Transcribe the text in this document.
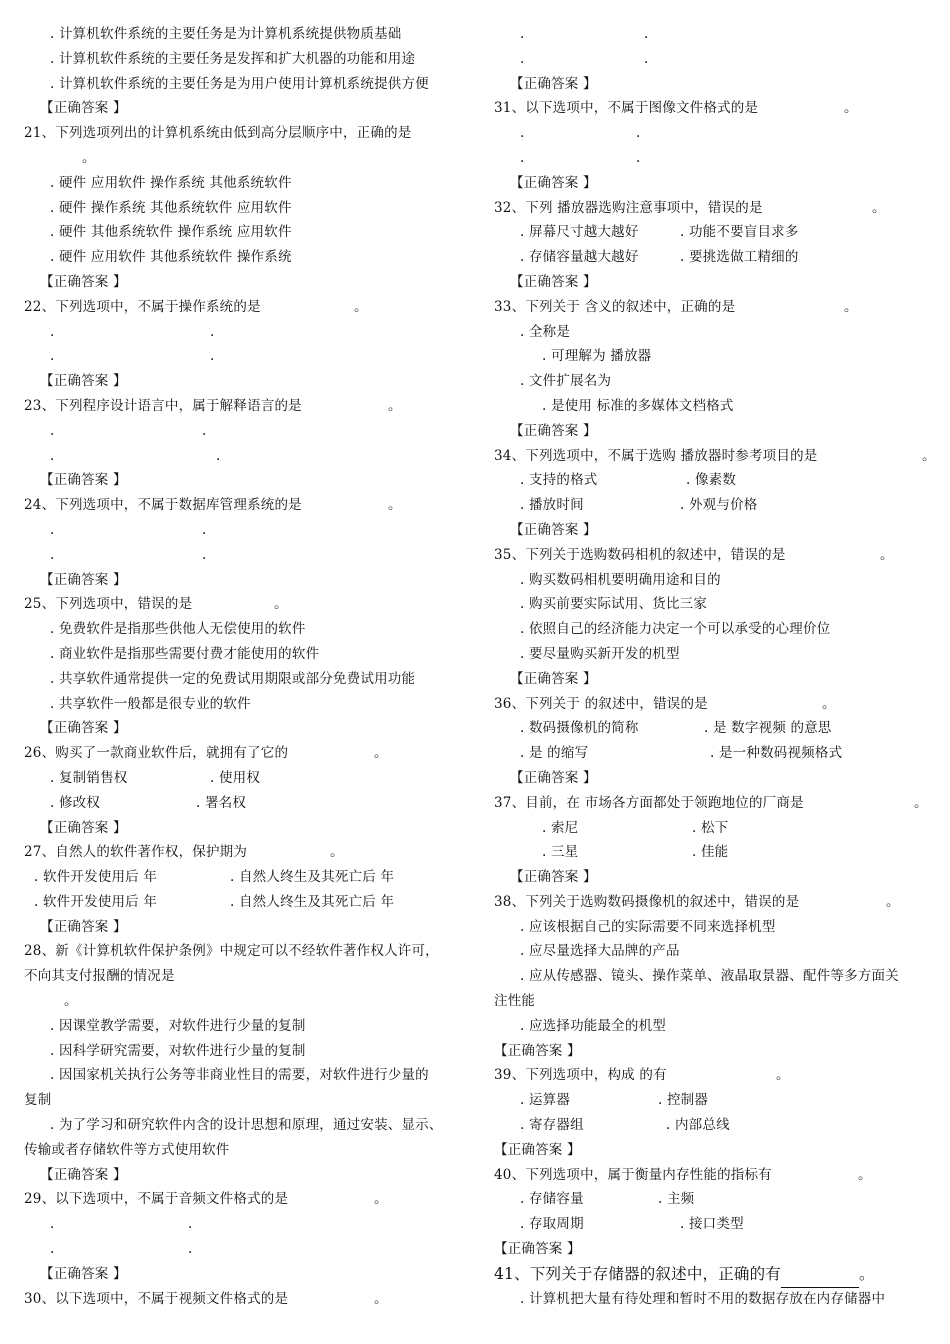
. 计算机软件系统的主要任务是为计算机系统提供物质基础
. 计算机软件系统的主要任务是发挥和扩大机器的功能和用途
. 计算机软件系统的主要任务是为用户使用计算机系统提供方便
【正确答案 】
21、下列选项列出的计算机系统由低到高分层顺序中，正确的是
。
. 硬件 应用软件 操作系统 其他系统软件
. 硬件 操作系统 其他系统软件 应用软件
. 硬件 其他系统软件 操作系统 应用软件
. 硬件 应用软件 其他系统软件 操作系统
【正确答案 】
22、下列选项中，不属于操作系统的是	。
.	.
.	.
【正确答案 】
23、下列程序设计语言中，属于解释语言的是	。
.	.
.	.
【正确答案 】
24、下列选项中，不属于数据库管理系统的是	。
.	.
.	.
【正确答案 】
25、下列选项中，错误的是	。
. 免费软件是指那些供他人无偿使用的软件
. 商业软件是指那些需要付费才能使用的软件
. 共享软件通常提供一定的免费试用期限或部分免费试用功能
. 共享软件一般都是很专业的软件
【正确答案 】
26、购买了一款商业软件后，就拥有了它的	。
. 复制销售权	. 使用权
. 修改权	. 署名权
【正确答案 】
27、自然人的软件著作权，保护期为	。
. 软件开发使用后 年	. 自然人终生及其死亡后 年
. 软件开发使用后 年	. 自然人终生及其死亡后 年
【正确答案 】
28、新《计算机软件保护条例》中规定可以不经软件著作权人许可，
不向其支付报酬的情况是
。
. 因课堂教学需要，对软件进行少量的复制
. 因科学研究需要，对软件进行少量的复制
. 因国家机关执行公务等非商业性目的需要，对软件进行少量的
复制
. 为了学习和研究软件内含的设计思想和原理，通过安装、显示、
传输或者存储软件等方式使用软件
【正确答案 】
29、以下选项中，不属于音频文件格式的是	。
.	.
.	.
【正确答案 】
30、以下选项中，不属于视频文件格式的是	。
.	.
.	.
【正确答案 】
31、以下选项中，不属于图像文件格式的是	。
.	.
.	.
【正确答案 】
32、下列 播放器选购注意事项中，错误的是	。
. 屏幕尺寸越大越好	. 功能不要盲目求多
. 存储容量越大越好	. 要挑选做工精细的
【正确答案 】
33、下列关于 含义的叙述中，正确的是	。
. 全称是
. 可理解为 播放器
. 文件扩展名为
. 是使用 标准的多媒体文档格式
【正确答案 】
34、下列选项中，不属于选购 播放器时参考项目的是	。
. 支持的格式	. 像素数
. 播放时间	. 外观与价格
【正确答案 】
35、下列关于选购数码相机的叙述中，错误的是	。
. 购买数码相机要明确用途和目的
. 购买前要实际试用、货比三家
. 依照自己的经济能力决定一个可以承受的心理价位
. 要尽量购买新开发的机型
【正确答案 】
36、下列关于 的叙述中，错误的是	。
. 数码摄像机的简称	. 是 数字视频 的意思
. 是 的缩写	. 是一种数码视频格式
【正确答案 】
37、目前，在 市场各方面都处于领跑地位的厂商是	。
. 索尼	. 松下
. 三星	. 佳能
【正确答案 】
38、下列关于选购数码摄像机的叙述中，错误的是	。
. 应该根据自己的实际需要不同来选择机型
. 应尽量选择大品牌的产品
. 应从传感器、镜头、操作菜单、液晶取景器、配件等多方面关
注性能
. 应选择功能最全的机型
【正确答案 】
39、下列选项中，构成 的有	。
. 运算器	. 控制器
. 寄存器组	. 内部总线
【正确答案 】
40、下列选项中，属于衡量内存性能的指标有	。
. 存储容量	. 主频
. 存取周期	. 接口类型
【正确答案 】
41、下列关于存储器的叙述中，正确的有	。
. 计算机把大量有待处理和暂时不用的数据存放在内存储器中
